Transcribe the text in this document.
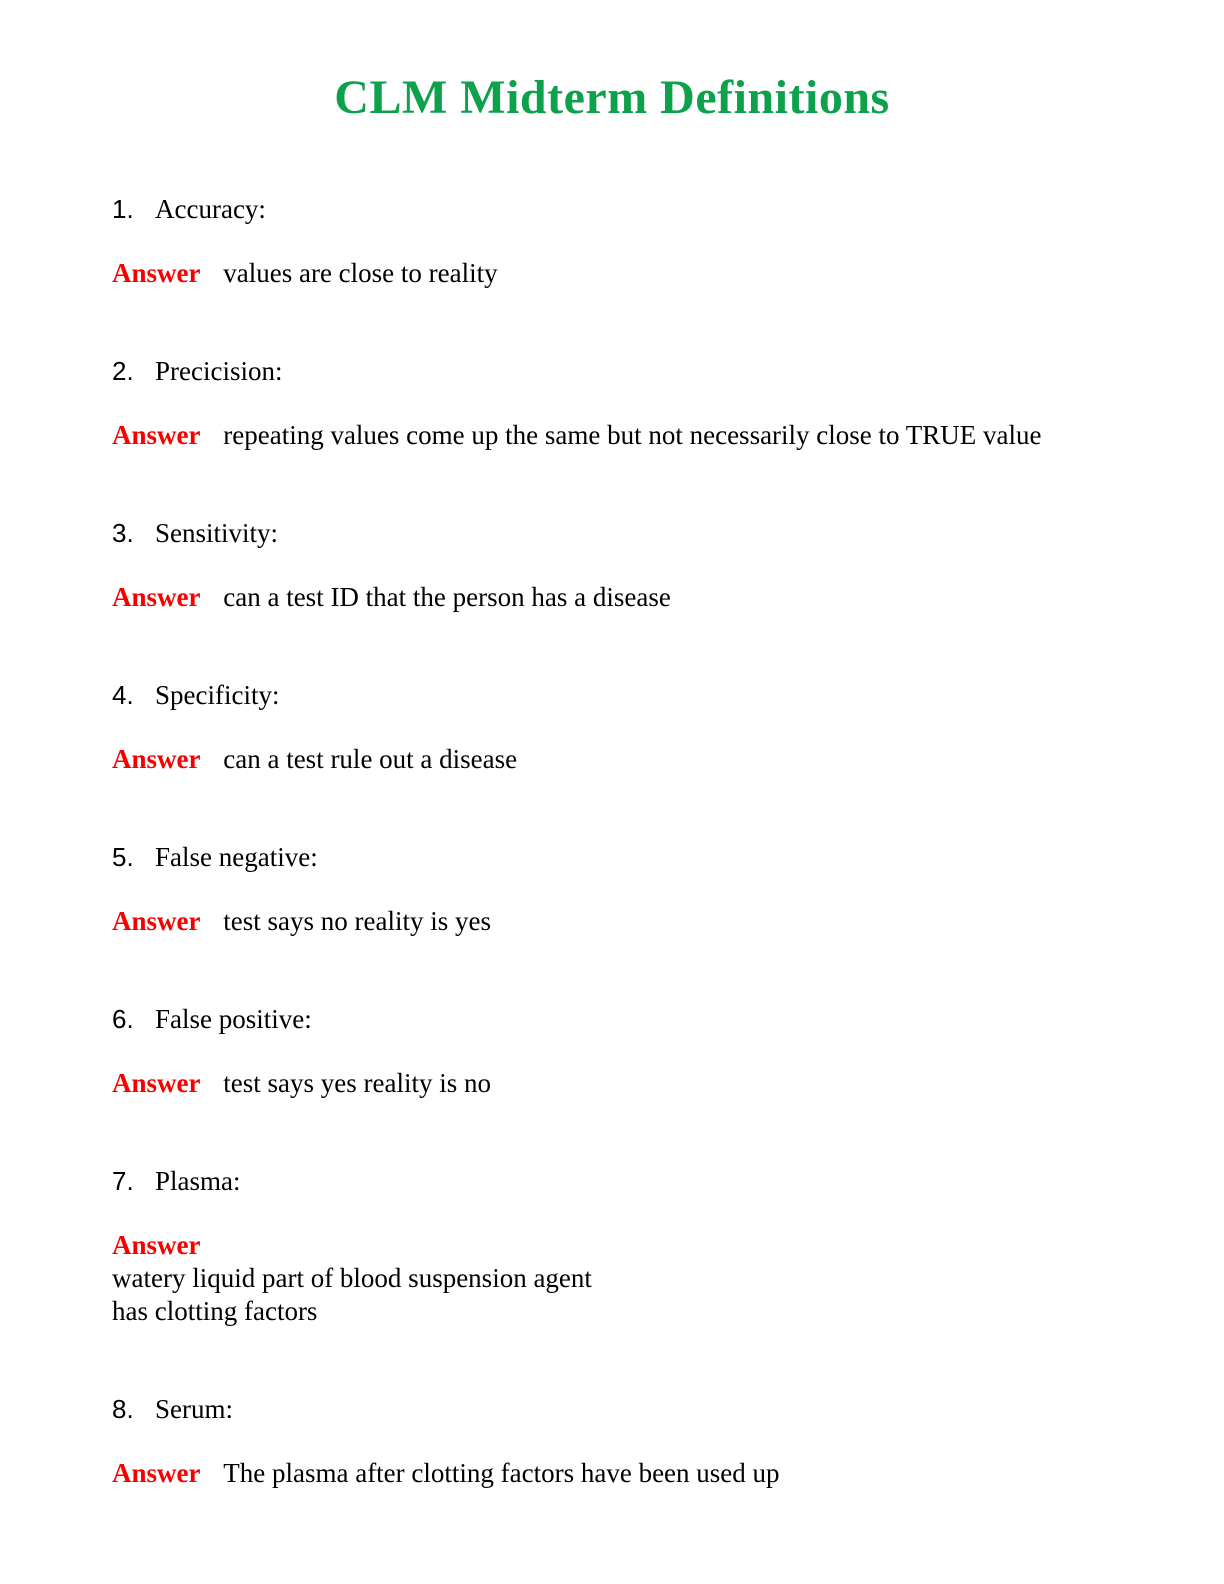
CLM Midterm Definitions
1. Accuracy:
Answer values are close to reality
2. Precicision:
Answer repeating values come up the same but not necessarily close to TRUE value
3. Sensitivity:
Answer can a test ID that the person has a disease
4. Specificity:
Answer can a test rule out a disease
5. False negative:
Answer test says no reality is yes
6. False positive:
Answer test says yes reality is no
7. Plasma:
Answer
watery liquid part of blood suspension agent
has clotting factors
8. Serum:
Answer The plasma after clotting factors have been used up
